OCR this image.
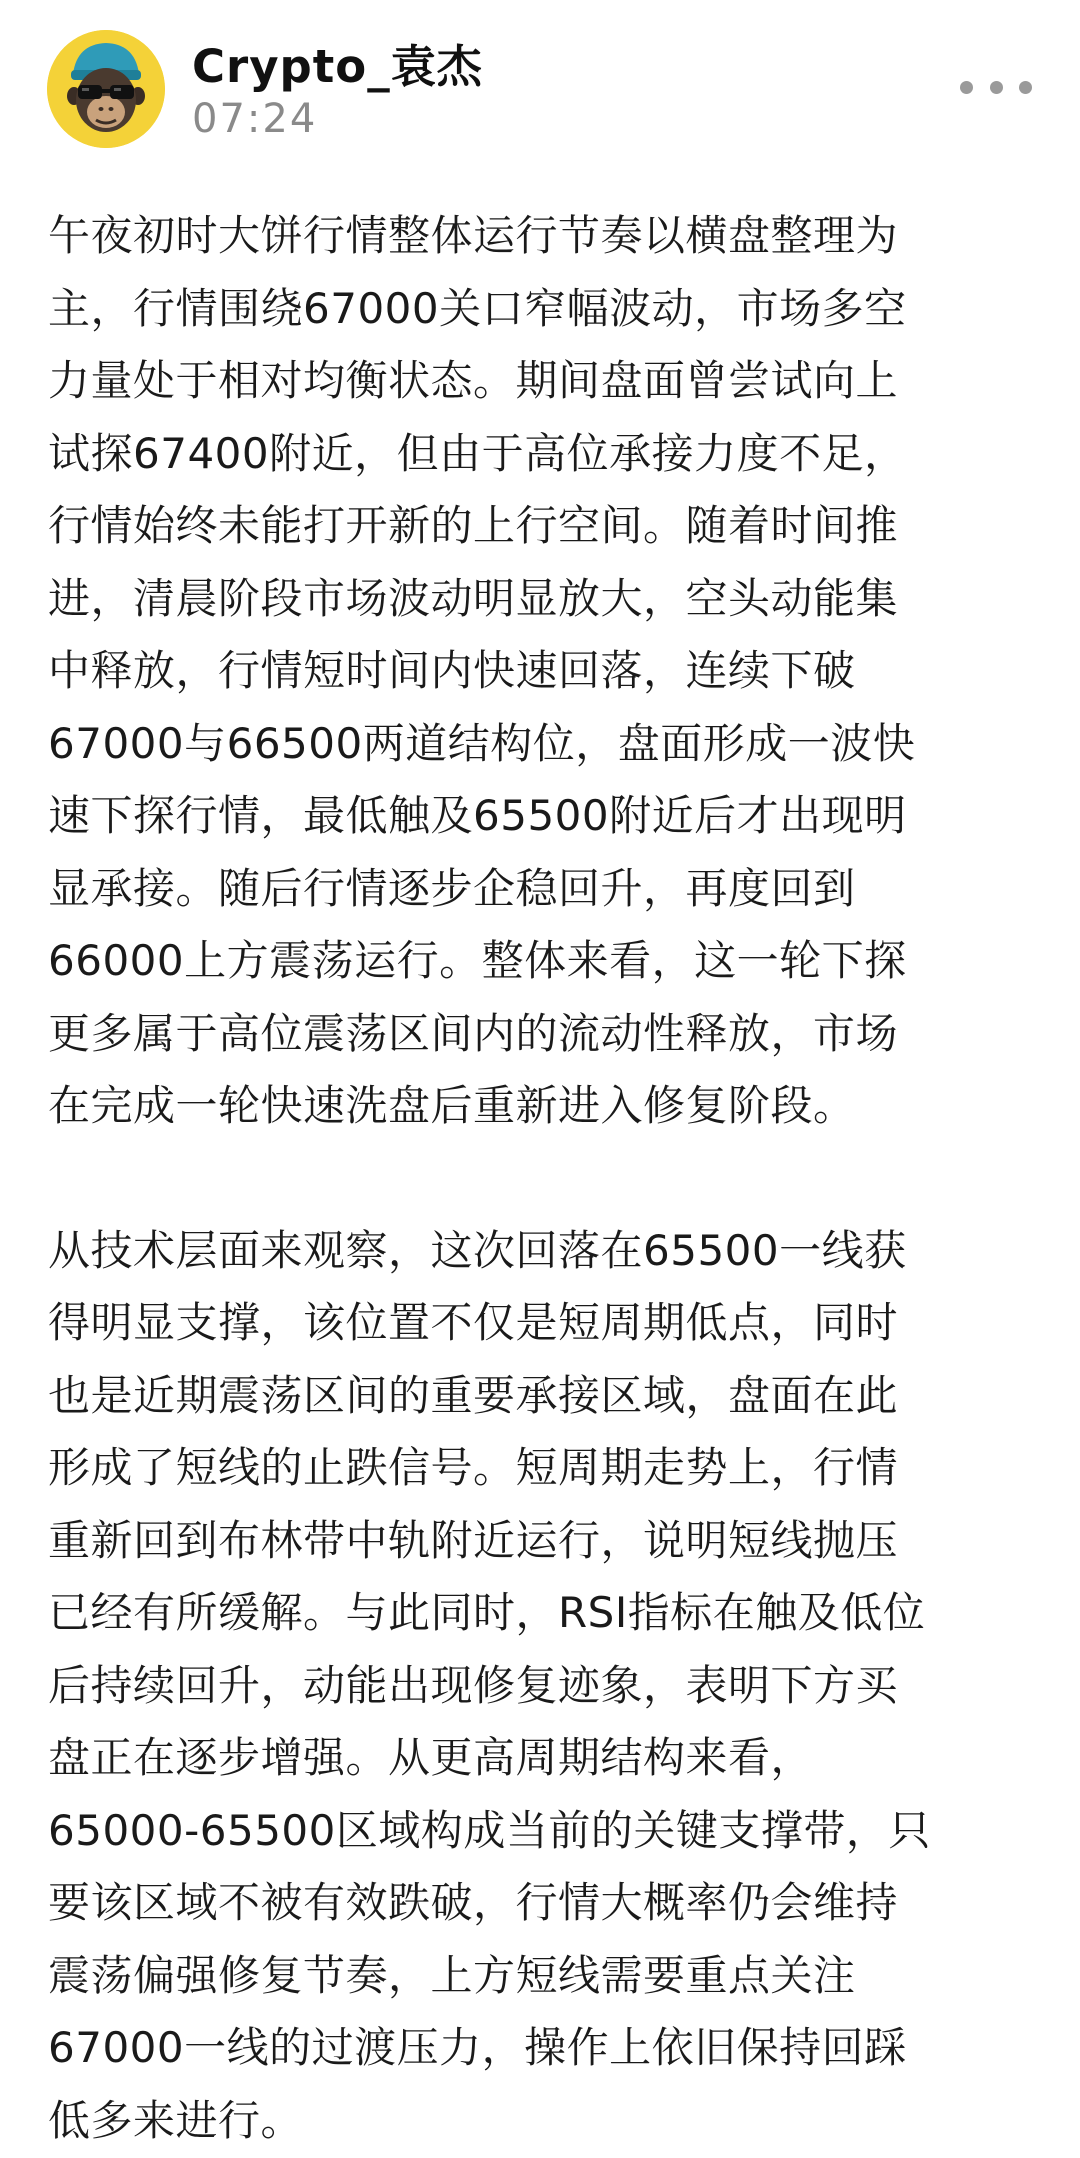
Crypto_袁杰
07:24

午夜初时大饼行情整体运行节奏以横盘整理为
主，行情围绕67000关口窄幅波动，市场多空
力量处于相对均衡状态。期间盘面曾尝试向上
试探67400附近，但由于高位承接力度不足，
行情始终未能打开新的上行空间。随着时间推
进，清晨阶段市场波动明显放大，空头动能集
中释放，行情短时间内快速回落，连续下破
67000与66500两道结构位，盘面形成一波快
速下探行情，最低触及65500附近后才出现明
显承接。随后行情逐步企稳回升，再度回到
66000上方震荡运行。整体来看，这一轮下探
更多属于高位震荡区间内的流动性释放，市场
在完成一轮快速洗盘后重新进入修复阶段。

从技术层面来观察，这次回落在65500一线获
得明显支撑，该位置不仅是短周期低点，同时
也是近期震荡区间的重要承接区域，盘面在此
形成了短线的止跌信号。短周期走势上，行情
重新回到布林带中轨附近运行，说明短线抛压
已经有所缓解。与此同时，RSI指标在触及低位
后持续回升，动能出现修复迹象，表明下方买
盘正在逐步增强。从更高周期结构来看，
65000-65500区域构成当前的关键支撑带，只
要该区域不被有效跌破，行情大概率仍会维持
震荡偏强修复节奏，上方短线需要重点关注
67000一线的过渡压力，操作上依旧保持回踩
低多来进行。
